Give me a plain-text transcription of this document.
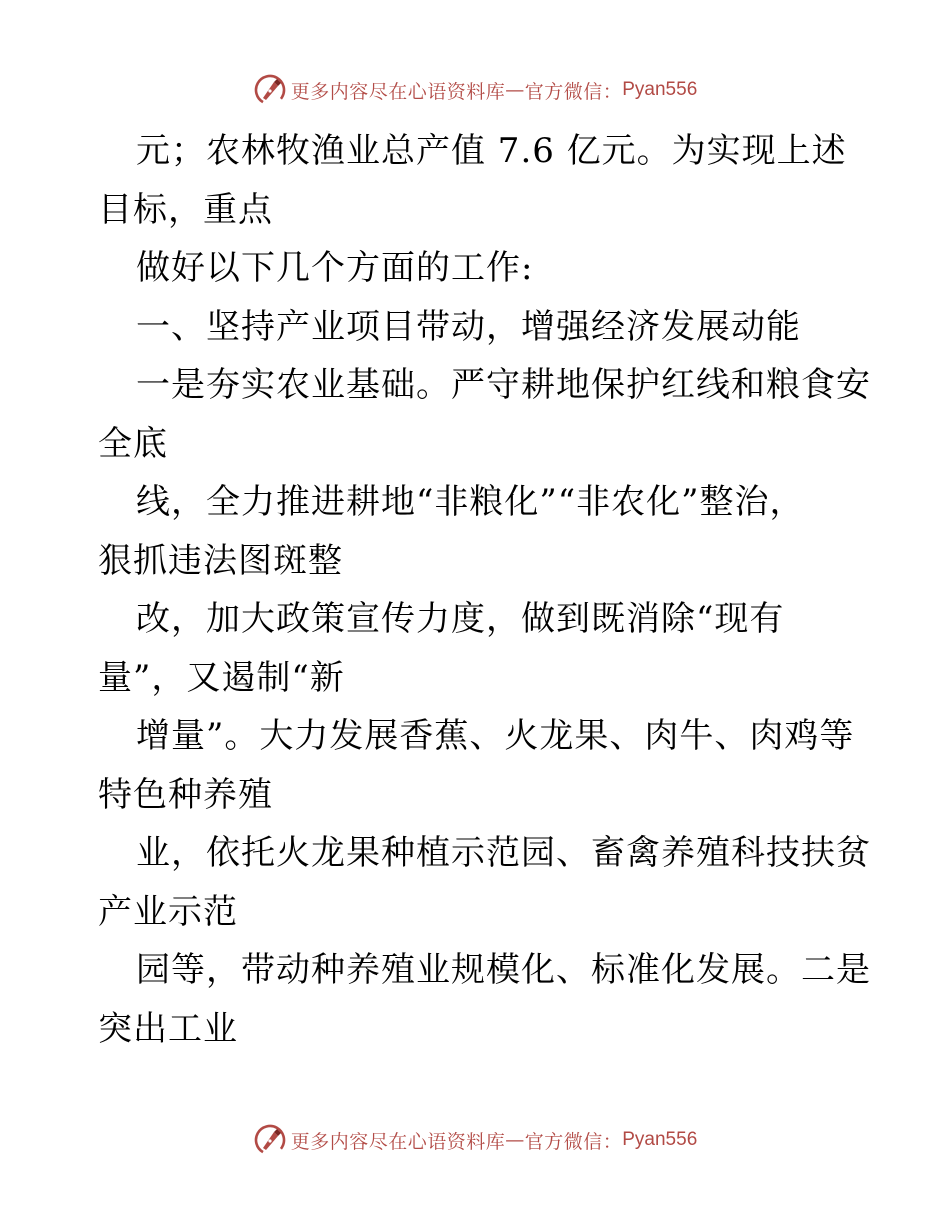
更多内容尽在心语资料库 — 官方微信： Pyan556
元；农林牧渔业总产值 7.6 亿元。为实现上述
目标，重点
做好以下几个方面的工作:
一、坚持产业项目带动，增强经济发展动能
一是夯实农业基础。严守耕地保护红线和粮食安
全底
线，全力推进耕地“非粮化”“非农化”整治，
狠抓违法图斑整
改，加大政策宣传力度，做到既消除“现有
量”，又遏制“新
增量”。大力发展香蕉、火龙果、肉牛、肉鸡等
特色种养殖
业，依托火龙果种植示范园、畜禽养殖科技扶贫
产业示范
园等，带动种养殖业规模化、标准化发展。二是
突出工业
更多内容尽在心语资料库 — 官方微信： Pyan556
